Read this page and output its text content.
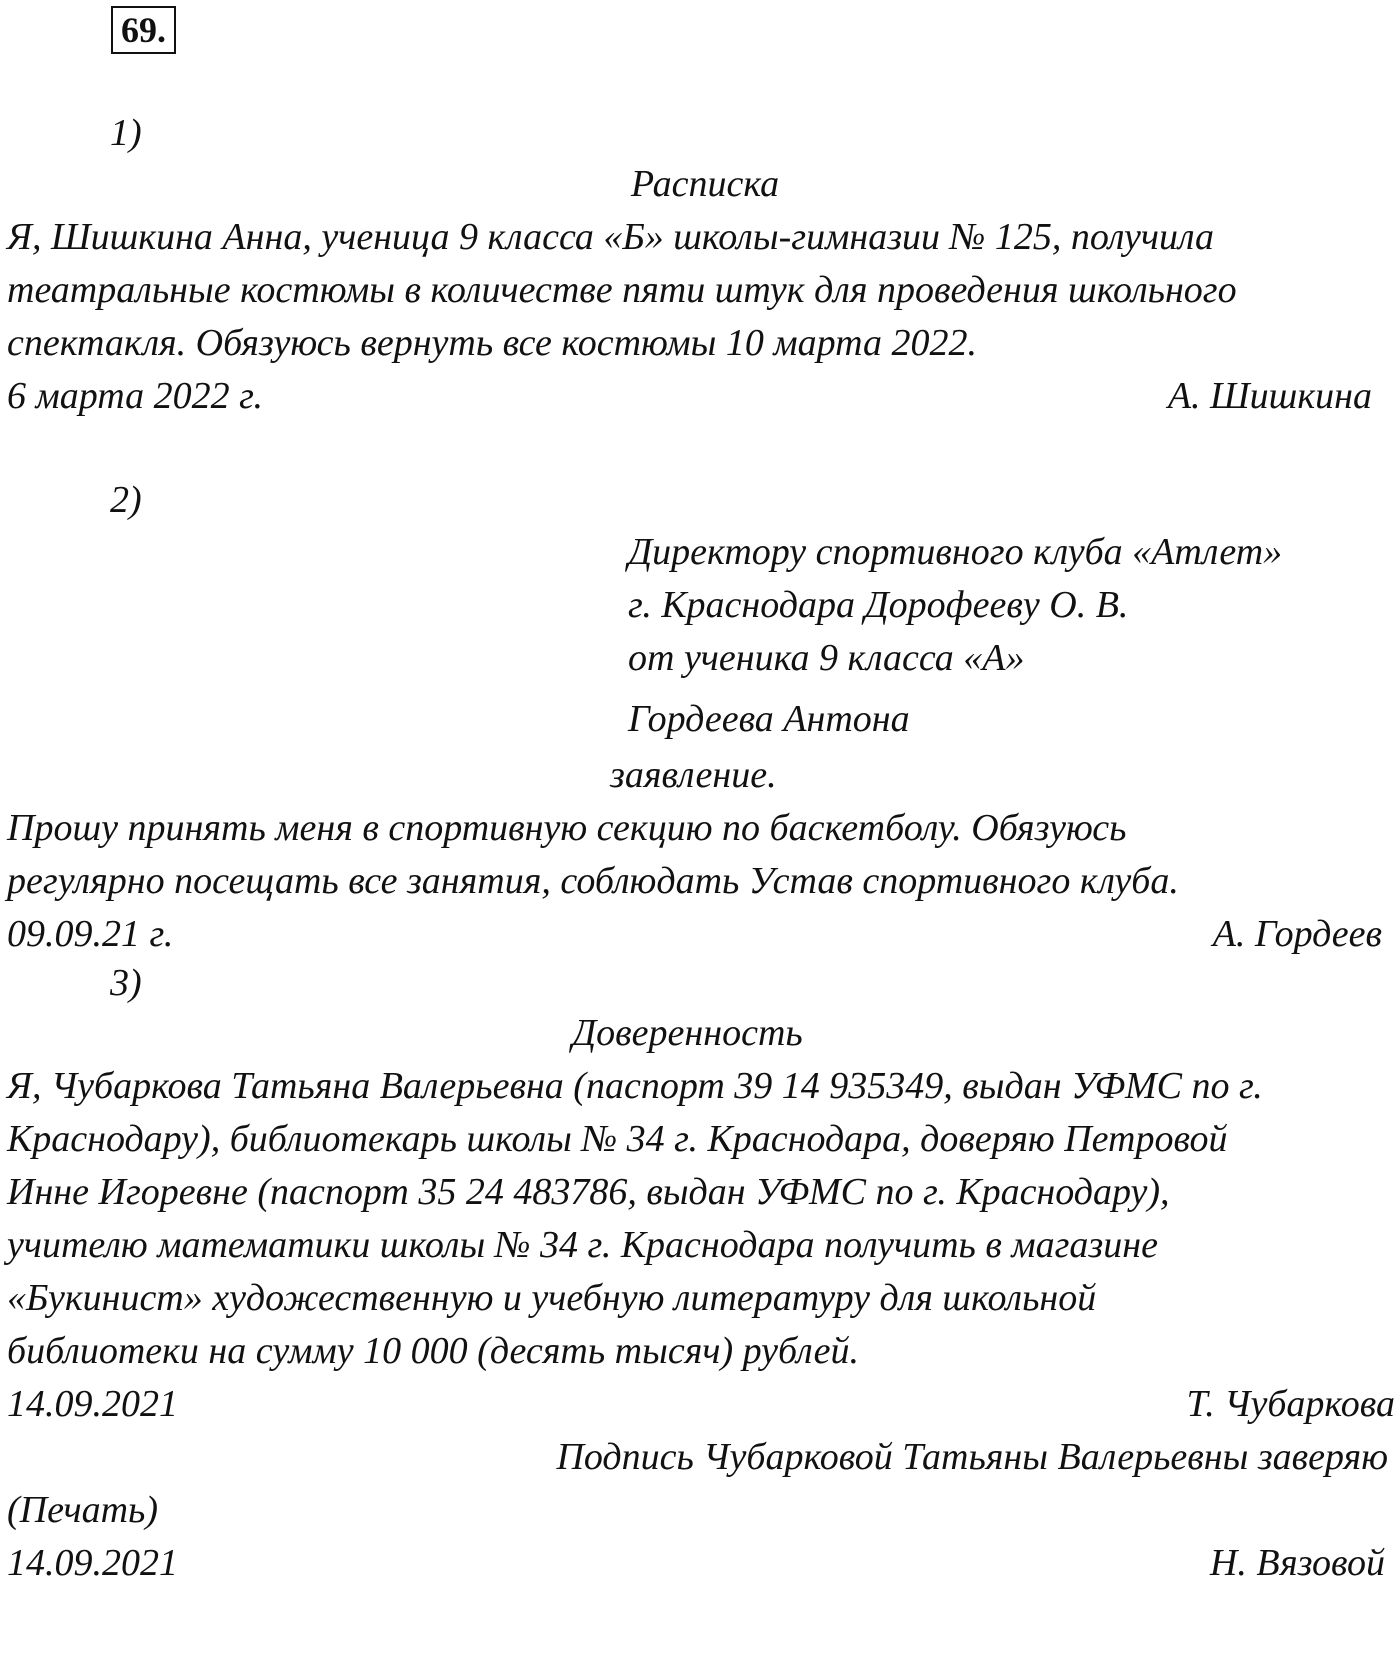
69.
1)
Расписка
Я, Шишкина Анна, ученица 9 класса «Б» школы-гимназии № 125, получила
театральные костюмы в количестве пяти штук для проведения школьного
спектакля. Обязуюсь вернуть все костюмы 10 марта 2022.
6 марта 2022 г.	А. Шишкина
2)
Директору спортивного клуба «Атлет»
г. Краснодара Дорофееву О. В.
от ученика 9 класса «А»
Гордеева Антона
заявление.
Прошу принять меня в спортивную секцию по баскетболу. Обязуюсь
регулярно посещать все занятия, соблюдать Устав спортивного клуба.
09.09.21 г.	А. Гордеев
3)
Доверенность
Я, Чубаркова Татьяна Валерьевна (паспорт 39 14 935349, выдан УФМС по г.
Краснодару), библиотекарь школы № 34 г. Краснодара, доверяю Петровой
Инне Игоревне (паспорт 35 24 483786, выдан УФМС по г. Краснодару),
учителю математики школы № 34 г. Краснодара получить в магазине
«Букинист» художественную и учебную литературу для школьной
библиотеки на сумму 10 000 (десять тысяч) рублей.
14.09.2021	Т. Чубаркова
Подпись Чубарковой Татьяны Валерьевны заверяю
(Печать)
14.09.2021	Н. Вязовой
